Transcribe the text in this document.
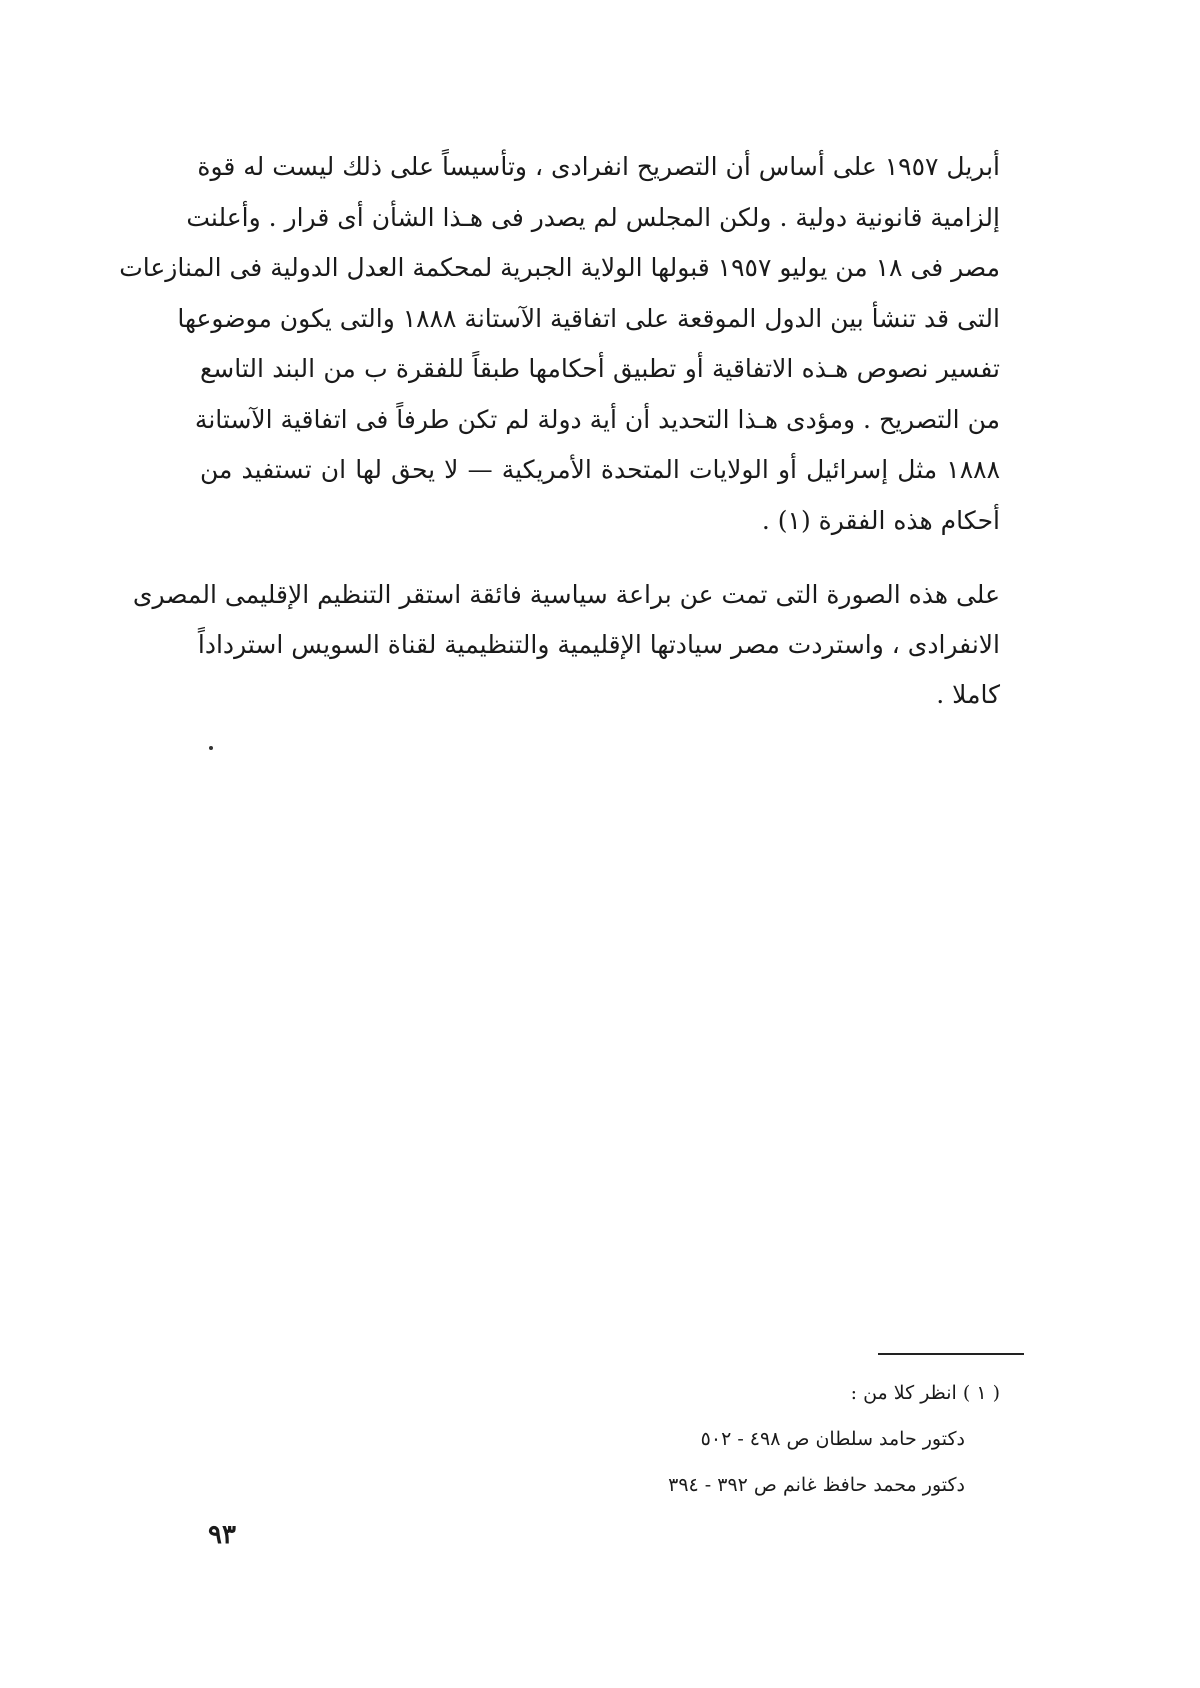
أبريل ١٩٥٧ على أساس أن التصريح انفرادى ، وتأسيساً على ذلك ليست له قوة
إلزامية قانونية دولية . ولكن المجلس لم يصدر فى هـذا الشأن أى قرار . وأعلنت
مصر فى ١٨ من يوليو ١٩٥٧ قبولها الولاية الجبرية لمحكمة العدل الدولية فى المنازعات
التى قد تنشأ بين الدول الموقعة على اتفاقية الآستانة ١٨٨٨ والتى يكون موضوعها
تفسير نصوص هـذه الاتفاقية أو تطبيق أحكامها طبقاً للفقرة ب من البند التاسع
من التصريح . ومؤدى هـذا التحديد أن أية دولة لم تكن طرفاً فى اتفاقية الآستانة
١٨٨٨ مثل إسرائيل أو الولايات المتحدة الأمريكية — لا يحق لها ان تستفيد من
أحكام هذه الفقرة (١) .

على هذه الصورة التى تمت عن براعة سياسية فائقة استقر التنظيم الإقليمى المصرى
الانفرادى ، واستردت مصر سيادتها الإقليمية والتنظيمية لقناة السويس استرداداً
كاملا .

( ١ ) انظر كلا من :
دكتور حامد سلطان ص ٤٩٨ - ٥٠٢
دكتور محمد حافظ غانم ص ٣٩٢ - ٣٩٤
٩٣
